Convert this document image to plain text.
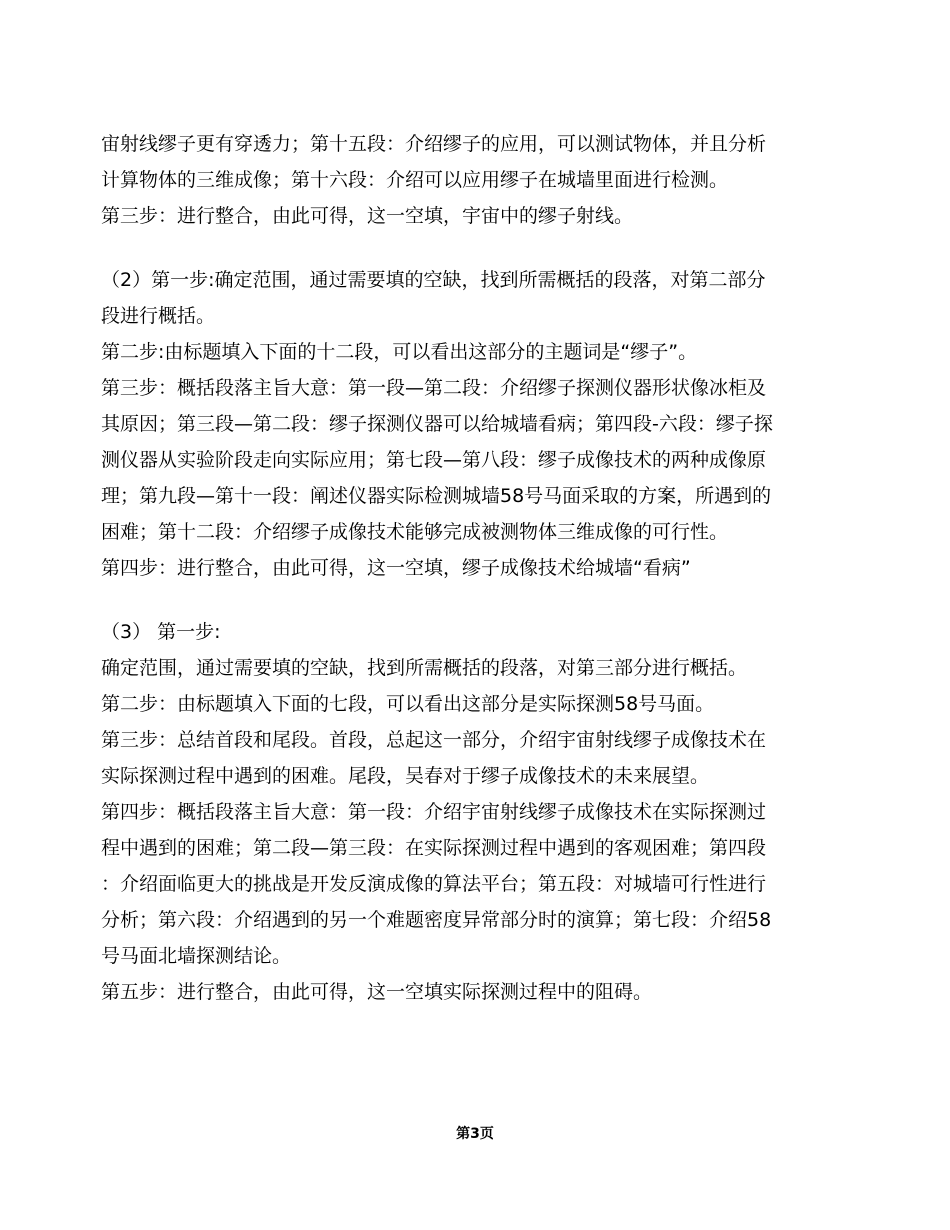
宙射线缪子更有穿透力；第十五段：介绍缪子的应用，可以测试物体，并且分析
计算物体的三维成像；第十六段：介绍可以应用缪子在城墙里面进行检测。
第三步：进行整合，由此可得，这一空填，宇宙中的缪子射线。
（2）第一步:确定范围，通过需要填的空缺，找到所需概括的段落，对第二部分
段进行概括。
第二步:由标题填入下面的十二段，可以看出这部分的主题词是“缪子”。
第三步：概括段落主旨大意：第一段—第二段：介绍缪子探测仪器形状像冰柜及
其原因；第三段—第二段：缪子探测仪器可以给城墙看病；第四段-六段：缪子探
测仪器从实验阶段走向实际应用；第七段—第八段：缪子成像技术的两种成像原
理；第九段—第十一段：阐述仪器实际检测城墙58号马面采取的方案，所遇到的
困难；第十二段：介绍缪子成像技术能够完成被测物体三维成像的可行性。
第四步：进行整合，由此可得，这一空填，缪子成像技术给城墙“看病”
（3） 第一步:
确定范围，通过需要填的空缺，找到所需概括的段落，对第三部分进行概括。
第二步：由标题填入下面的七段，可以看出这部分是实际探测58号马面。
第三步：总结首段和尾段。首段，总起这一部分，介绍宇宙射线缪子成像技术在
实际探测过程中遇到的困难。尾段，吴春对于缪子成像技术的未来展望。
第四步：概括段落主旨大意：第一段：介绍宇宙射线缪子成像技术在实际探测过
程中遇到的困难；第二段—第三段：在实际探测过程中遇到的客观困难；第四段
：介绍面临更大的挑战是开发反演成像的算法平台；第五段：对城墙可行性进行
分析；第六段：介绍遇到的另一个难题密度异常部分时的演算；第七段：介绍58
号马面北墙探测结论。
第五步：进行整合，由此可得，这一空填实际探测过程中的阻碍。
第3页
